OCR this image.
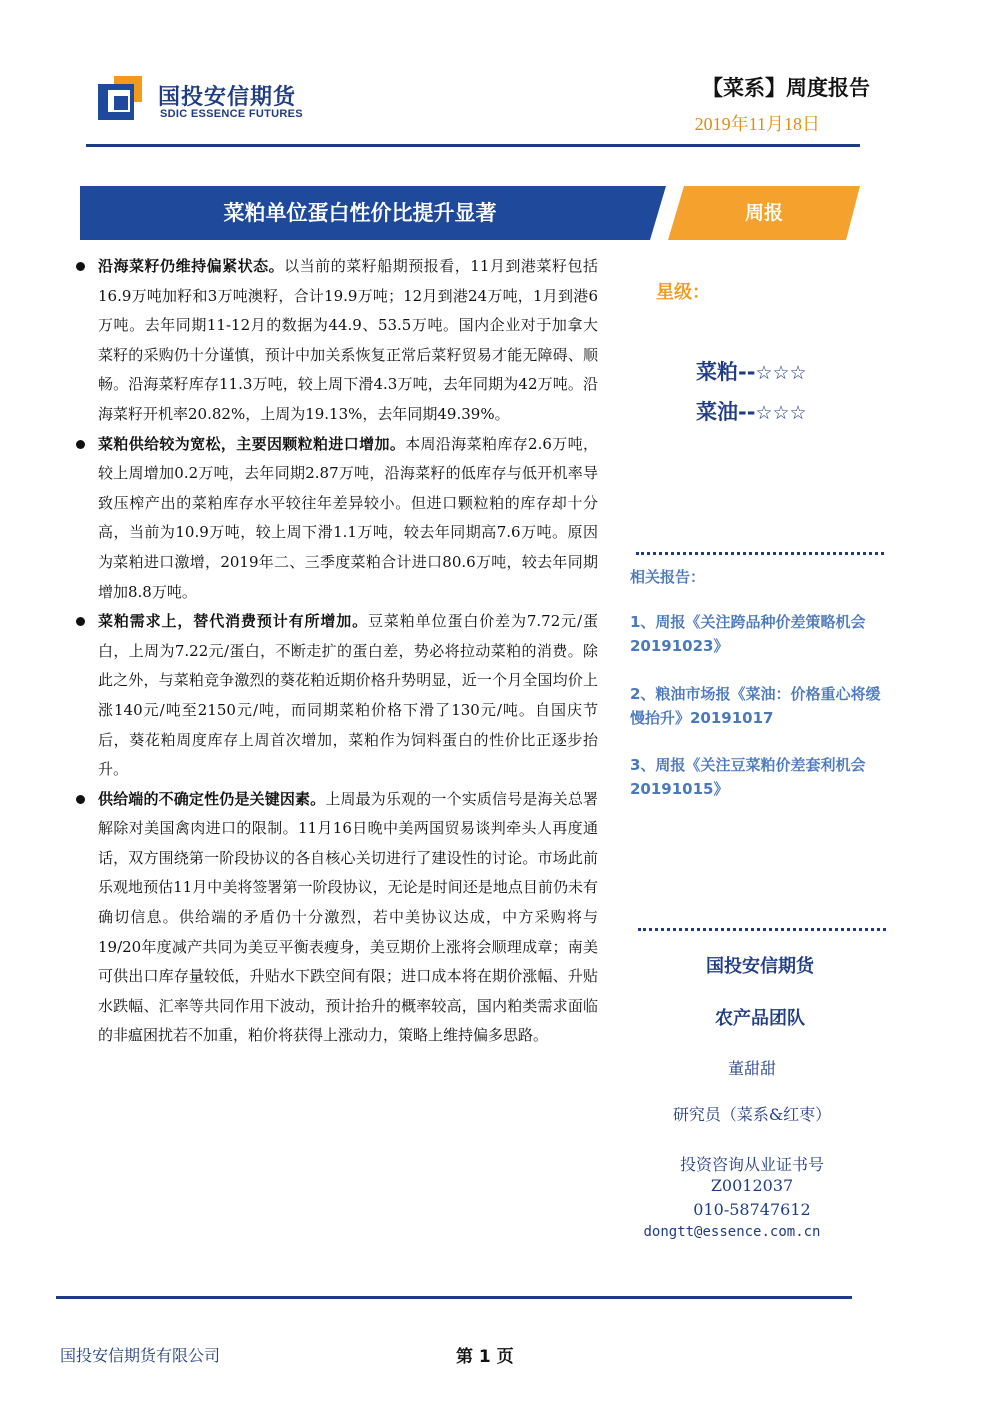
国投安信期货
SDIC ESSENCE FUTURES
【菜系】周度报告
2019年11月18日
菜粕单位蛋白性价比提升显著	周报
沿海菜籽仍维持偏紧状态。以当前的菜籽船期预报看，11月到港菜籽包括16.9万吨加籽和3万吨澳籽，合计19.9万吨；12月到港24万吨，1月到港6万吨。去年同期11-12月的数据为44.9、53.5万吨。国内企业对于加拿大菜籽的采购仍十分谨慎，预计中加关系恢复正常后菜籽贸易才能无障碍、顺畅。沿海菜籽库存11.3万吨，较上周下滑4.3万吨，去年同期为42万吨。沿海菜籽开机率20.82%，上周为19.13%，去年同期49.39%。
菜粕供给较为宽松，主要因颗粒粕进口增加。本周沿海菜粕库存2.6万吨，较上周增加0.2万吨，去年同期2.87万吨，沿海菜籽的低库存与低开机率导致压榨产出的菜粕库存水平较往年差异较小。但进口颗粒粕的库存却十分高，当前为10.9万吨，较上周下滑1.1万吨，较去年同期高7.6万吨。原因为菜粕进口激增，2019年二、三季度菜粕合计进口80.6万吨，较去年同期增加8.8万吨。
菜粕需求上，替代消费预计有所增加。豆菜粕单位蛋白价差为7.72元/蛋白，上周为7.22元/蛋白，不断走扩的蛋白差，势必将拉动菜粕的消费。除此之外，与菜粕竞争激烈的葵花粕近期价格升势明显，近一个月全国均价上涨140元/吨至2150元/吨，而同期菜粕价格下滑了130元/吨。自国庆节后，葵花粕周度库存上周首次增加，菜粕作为饲料蛋白的性价比正逐步抬升。
供给端的不确定性仍是关键因素。上周最为乐观的一个实质信号是海关总署解除对美国禽肉进口的限制。11月16日晚中美两国贸易谈判牵头人再度通话，双方围绕第一阶段协议的各自核心关切进行了建设性的讨论。市场此前乐观地预估11月中美将签署第一阶段协议，无论是时间还是地点目前仍未有确切信息。供给端的矛盾仍十分激烈，若中美协议达成，中方采购将与19/20年度减产共同为美豆平衡表瘦身，美豆期价上涨将会顺理成章；南美可供出口库存量较低，升贴水下跌空间有限；进口成本将在期价涨幅、升贴水跌幅、汇率等共同作用下波动，预计抬升的概率较高，国内粕类需求面临的非瘟困扰若不加重，粕价将获得上涨动力，策略上维持偏多思路。
星级：
菜粕--☆☆☆
菜油--☆☆☆
相关报告：
1、周报《关注跨品种价差策略机会20191023》
2、粮油市场报《菜油：价格重心将缓慢抬升》20191017
3、周报《关注豆菜粕价差套利机会20191015》
国投安信期货
农产品团队
董甜甜
研究员（菜系&红枣）
投资咨询从业证书号
Z0012037
010-58747612
dongtt@essence.com.cn
国投安信期货有限公司	第 1 页
